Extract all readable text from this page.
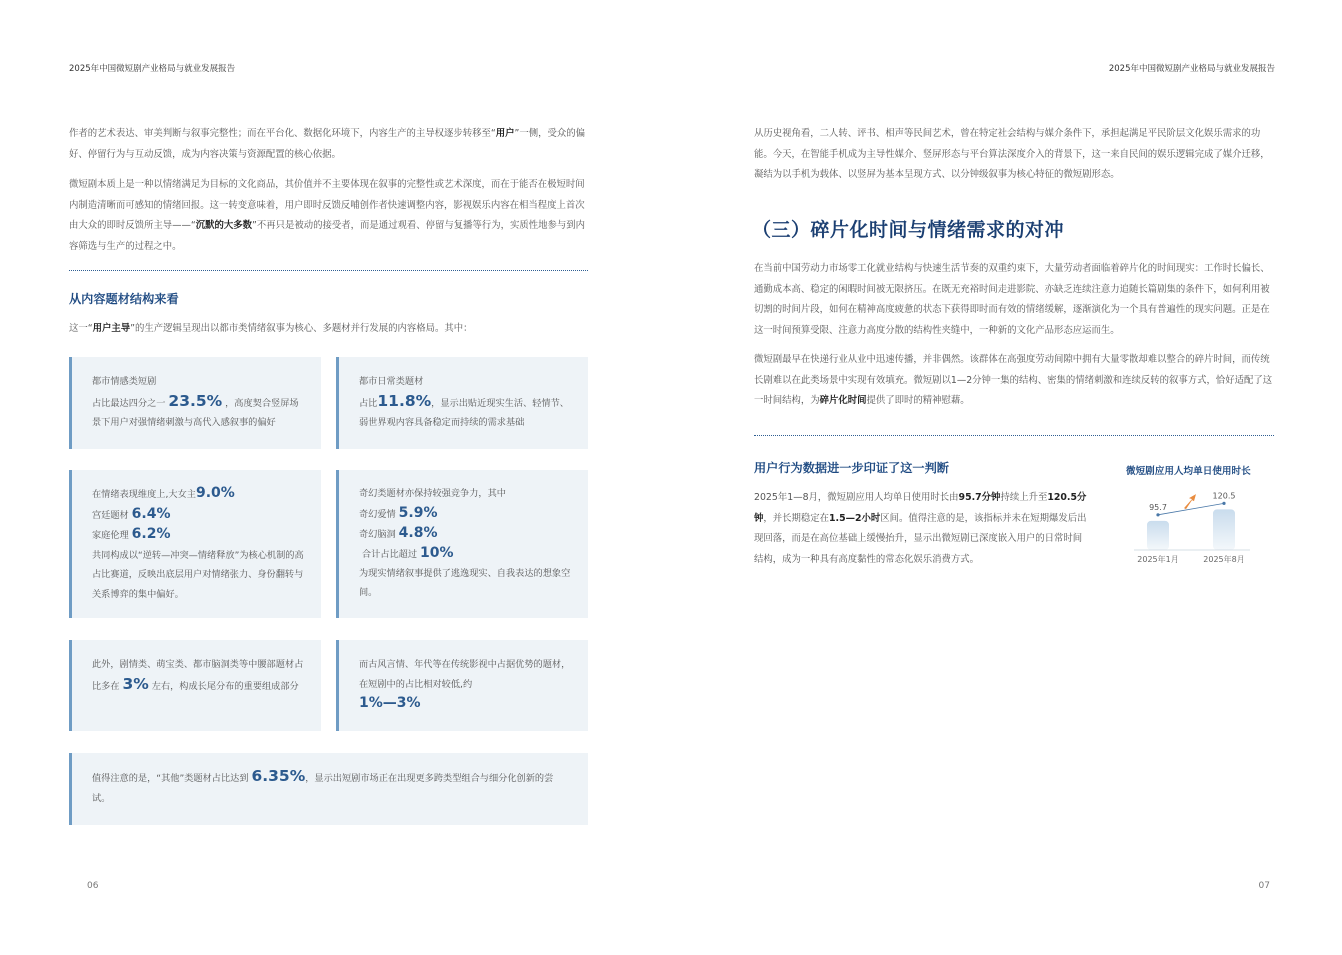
2025年中国微短剧产业格局与就业发展报告	2025年中国微短剧产业格局与就业发展报告

作者的艺术表达、审美判断与叙事完整性；而在平台化、数据化环境下，内容生产的主导权逐步转移至“用户”一侧，受众的偏好、停留行为与互动反馈，成为内容决策与资源配置的核心依据。

微短剧本质上是一种以情绪满足为目标的文化商品，其价值并不主要体现在叙事的完整性或艺术深度，而在于能否在极短时间内制造清晰而可感知的情绪回报。这一转变意味着，用户即时反馈反哺创作者快速调整内容，影视娱乐内容在相当程度上首次由大众的即时反馈所主导——“沉默的大多数”不再只是被动的接受者，而是通过观看、停留与复播等行为，实质性地参与到内容筛选与生产的过程之中。

从内容题材结构来看

这一“用户主导”的生产逻辑呈现出以都市类情绪叙事为核心、多题材并行发展的内容格局。其中：

都市情感类短剧
占比最达四分之一 23.5% ，高度契合竖屏场景下用户对强情绪刺激与高代入感叙事的偏好
都市日常类题材
占比11.8%，显示出贴近现实生活、轻情节、弱世界观内容具备稳定而持续的需求基础
在情绪表现维度上,大女主9.0%
宫廷题材 6.4%
家庭伦理 6.2%
共同构成以“逆转—冲突—情绪释放”为核心机制的高占比赛道，反映出底层用户对情绪张力、身份翻转与关系博弈的集中偏好。
奇幻类题材亦保持较强竞争力，其中
奇幻爱情 5.9%
奇幻脑洞 4.8%
合计占比超过 10%
为现实情绪叙事提供了逃逸现实、自我表达的想象空间。
此外，剧情类、萌宝类、都市脑洞类等中腰部题材占比多在 3% 左右，构成长尾分布的重要组成部分
而古风言情、年代等在传统影视中占据优势的题材，在短剧中的占比相对较低,约
1%—3%
值得注意的是，“其他”类题材占比达到 6.35%，显示出短剧市场正在出现更多跨类型组合与细分化创新的尝试。
06

从历史视角看，二人转、评书、相声等民间艺术，曾在特定社会结构与媒介条件下，承担起满足平民阶层文化娱乐需求的功能。今天，在智能手机成为主导性媒介、竖屏形态与平台算法深度介入的背景下，这一来自民间的娱乐逻辑完成了媒介迁移，凝结为以手机为载体、以竖屏为基本呈现方式、以分钟级叙事为核心特征的微短剧形态。

（三）碎片化时间与情绪需求的对冲

在当前中国劳动力市场零工化就业结构与快速生活节奏的双重约束下，大量劳动者面临着碎片化的时间现实：工作时长偏长、通勤成本高、稳定的闲暇时间被无限挤压。在既无充裕时间走进影院、亦缺乏连续注意力追随长篇剧集的条件下，如何利用被切割的时间片段，如何在精神高度疲惫的状态下获得即时而有效的情绪缓解，逐渐演化为一个具有普遍性的现实问题。正是在这一时间预算受限、注意力高度分散的结构性夹缝中，一种新的文化产品形态应运而生。

微短剧最早在快递行业从业中迅速传播，并非偶然。该群体在高强度劳动间隙中拥有大量零散却难以整合的碎片时间，而传统长剧难以在此类场景中实现有效填充。微短剧以1—2分钟一集的结构、密集的情绪刺激和连续反转的叙事方式，恰好适配了这一时间结构，为碎片化时间提供了即时的精神慰藉。

用户行为数据进一步印证了这一判断

2025年1—8月，微短剧应用人均单日使用时长由95.7分钟持续上升至120.5分钟，并长期稳定在1.5—2小时区间。值得注意的是，该指标并未在短期爆发后出现回落，而是在高位基础上缓慢抬升，显示出微短剧已深度嵌入用户的日常时间结构，成为一种具有高度黏性的常态化娱乐消费方式。

微短剧应用人均单日使用时长
95.7
2025年1月
120.5
2025年8月
07
